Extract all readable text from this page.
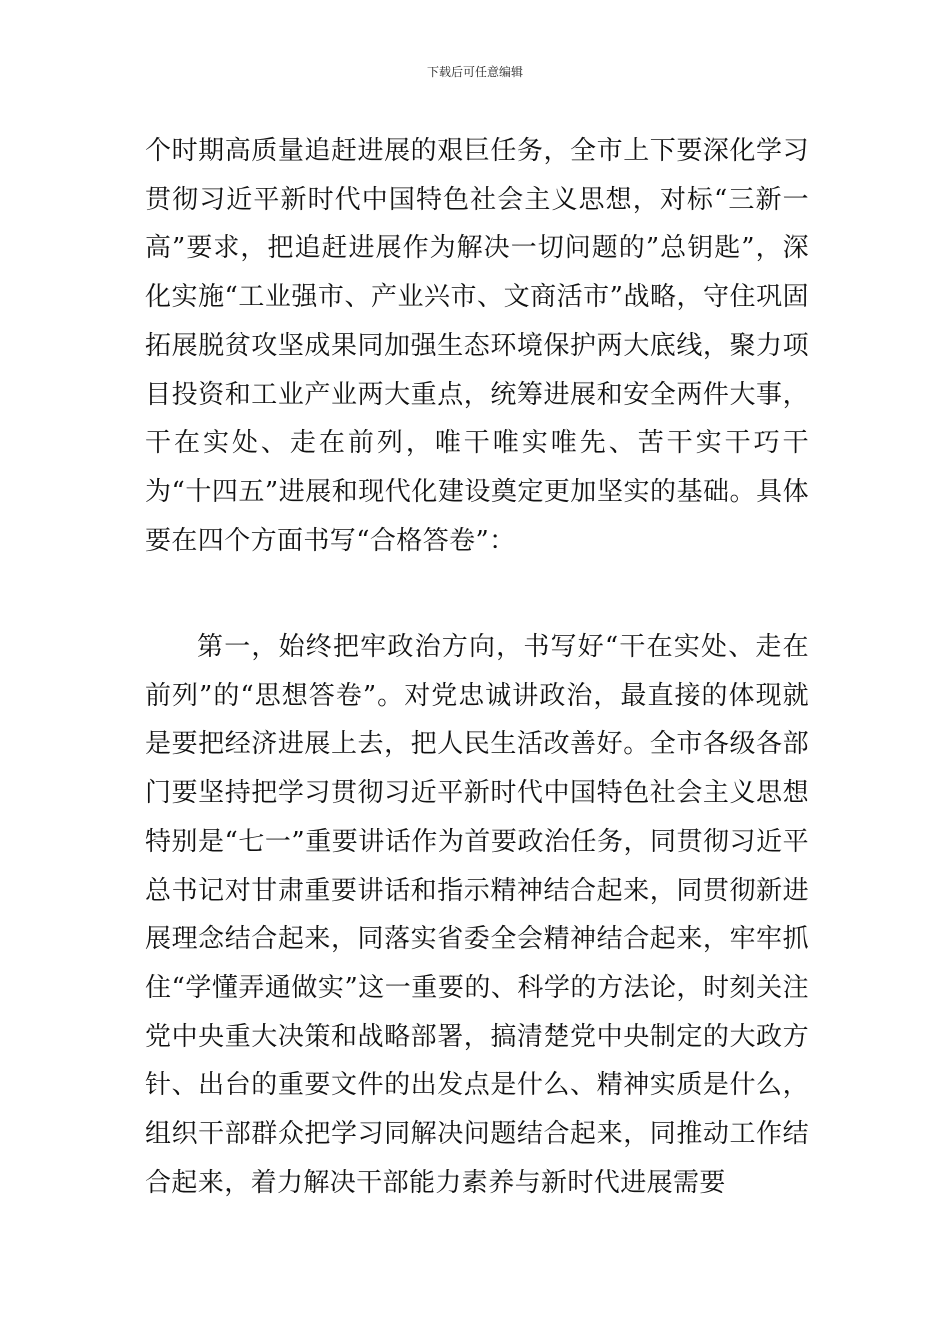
下载后可任意编辑

个时期高质量追赶进展的艰巨任务，全市上下要深化学习贯彻习近平新时代中国特色社会主义思想，对标“三新一高”要求，把追赶进展作为解决一切问题的”总钥匙”，深化实施“工业强市、产业兴市、文商活市”战略，守住巩固拓展脱贫攻坚成果同加强生态环境保护两大底线，聚力项目投资和工业产业两大重点，统筹进展和安全两件大事，干在实处、走在前列，唯干唯实唯先、苦干实干巧干为“十四五”进展和现代化建设奠定更加坚实的基础。具体要在四个方面书写“合格答卷”：

第一，始终把牢政治方向，书写好“干在实处、走在前列”的“思想答卷”。对党忠诚讲政治，最直接的体现就是要把经济进展上去，把人民生活改善好。全市各级各部门要坚持把学习贯彻习近平新时代中国特色社会主义思想特别是“七一”重要讲话作为首要政治任务，同贯彻习近平总书记对甘肃重要讲话和指示精神结合起来，同贯彻新进展理念结合起来，同落实省委全会精神结合起来，牢牢抓住“学懂弄通做实”这一重要的、科学的方法论，时刻关注党中央重大决策和战略部署，搞清楚党中央制定的大政方针、出台的重要文件的出发点是什么、精神实质是什么，组织干部群众把学习同解决问题结合起来，同推动工作结合起来，着力解决干部能力素养与新时代进展需要
